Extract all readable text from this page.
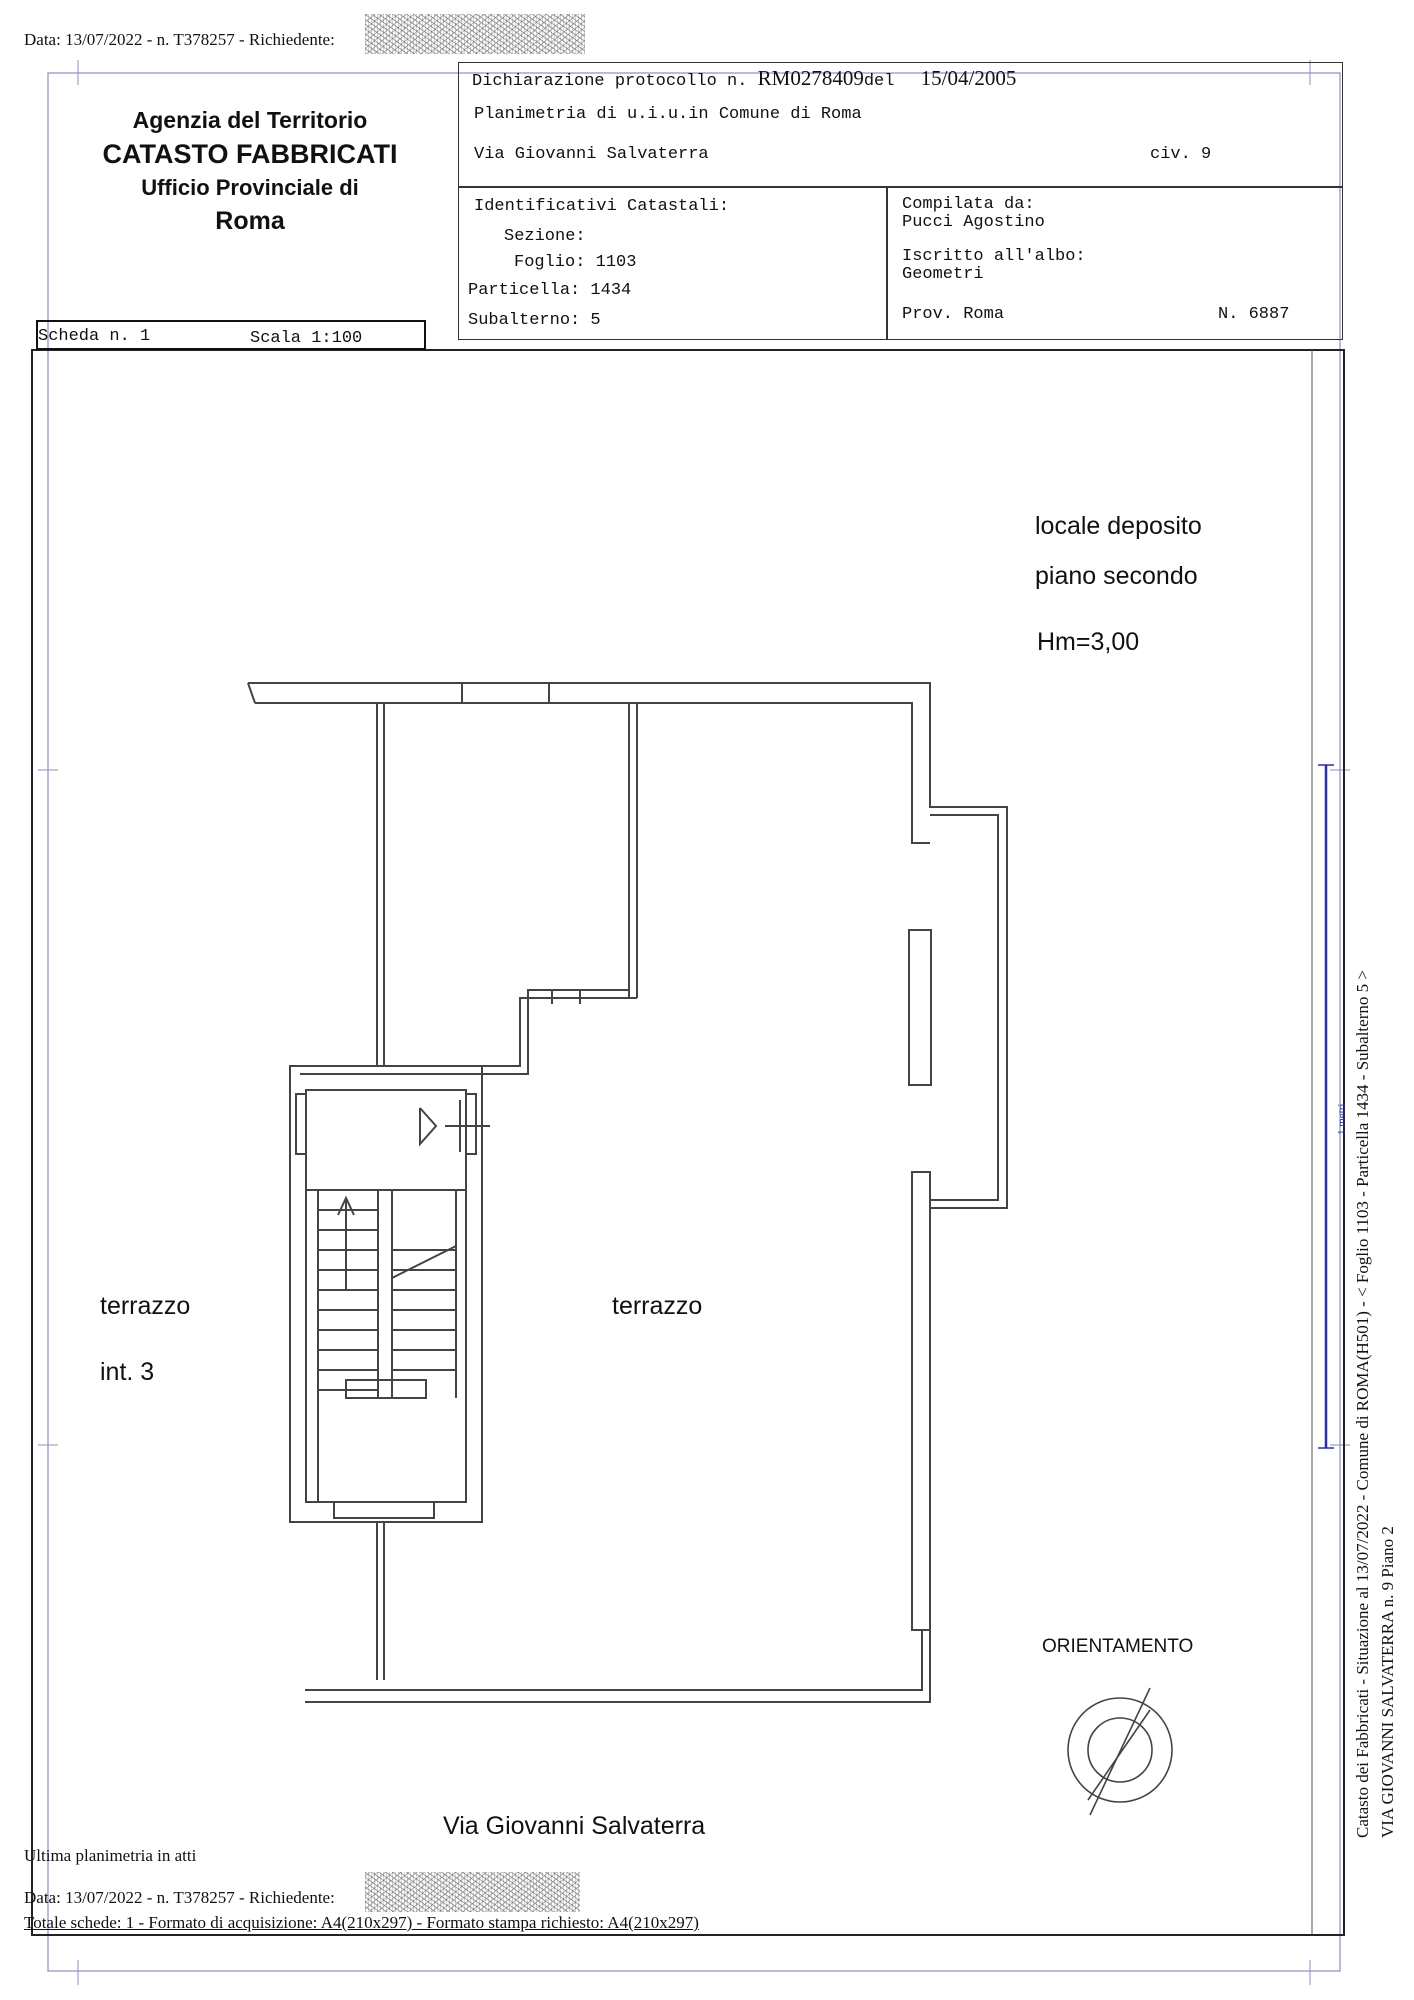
Data: 13/07/2022 - n. T378257 - Richiedente:
Agenzia del Territorio
CATASTO FABBRICATI
Ufficio Provinciale di
Roma
Dichiarazione protocollo n. RM0278409del 15/04/2005
Planimetria di u.i.u.in Comune di Roma
Via Giovanni Salvaterra	civ. 9
Identificativi Catastali:
Sezione:
Foglio: 1103
Particella: 1434
Subalterno: 5
Compilata da:
Pucci Agostino
Iscritto all'albo:
Geometri
Prov. Roma	N. 6887
Scheda n. 1	Scala 1:100
locale deposito
piano secondo
Hm=3,00
terrazzo
int. 3
terrazzo
ORIENTAMENTO
Via Giovanni Salvaterra	Catasto dei Fabbricati - Situazione al 13/07/2022 - Comune di ROMA(H501) - < Foglio 1103 - Particella 1434 - Subalterno 5 > VIA GIOVANNI SALVATERRA n. 9 Piano 2
1 metri
Ultima planimetria in atti
Data: 13/07/2022 - n. T378257 - Richiedente:
Totale schede: 1 - Formato di acquisizione: A4(210x297) - Formato stampa richiesto: A4(210x297)
